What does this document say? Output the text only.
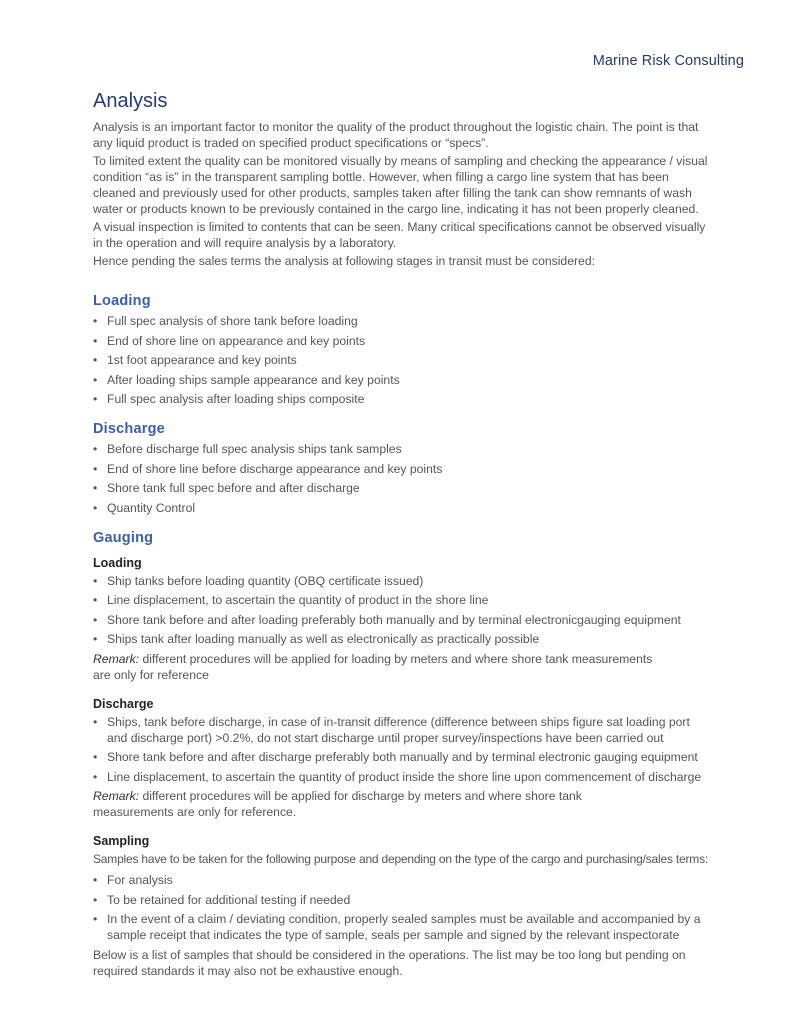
Marine Risk Consulting
Analysis

Analysis is an important factor to monitor the quality of the product throughout the logistic chain. The point is that any liquid product is traded on specified product specifications or “specs”.

To limited extent the quality can be monitored visually by means of sampling and checking the appearance / visual condition “as is” in the transparent sampling bottle. However, when filling a cargo line system that has been cleaned and previously used for other products, samples taken after filling the tank can show remnants of wash water or products known to be previously contained in the cargo line, indicating it has not been properly cleaned.

A visual inspection is limited to contents that can be seen. Many critical specifications cannot be observed visually in the operation and will require analysis by a laboratory.

Hence pending the sales terms the analysis at following stages in transit must be considered:

Loading
• Full spec analysis of shore tank before loading
• End of shore line on appearance and key points
• 1st foot appearance and key points
• After loading ships sample appearance and key points
• Full spec analysis after loading ships composite
Discharge
• Before discharge full spec analysis ships tank samples
• End of shore line before discharge appearance and key points
• Shore tank full spec before and after discharge
• Quantity Control
Gauging
Loading
• Ship tanks before loading quantity (OBQ certificate issued)
• Line displacement, to ascertain the quantity of product in the shore line
• Shore tank before and after loading preferably both manually and by terminal electronicgauging equipment
• Ships tank after loading manually as well as electronically as practically possible

Remark: different procedures will be applied for loading by meters and where shore tank measurements are only for reference

Discharge
• Ships, tank before discharge, in case of in-transit difference (difference between ships figure sat loading port and discharge port) >0.2%, do not start discharge until proper survey/inspections have been carried out
• Shore tank before and after discharge preferably both manually and by terminal electronic gauging equipment
• Line displacement, to ascertain the quantity of product inside the shore line upon commencement of discharge

Remark: different procedures will be applied for discharge by meters and where shore tank measurements are only for reference.

Sampling

Samples have to be taken for the following purpose and depending on the type of the cargo and purchasing/sales terms:

• For analysis
• To be retained for additional testing if needed
• In the event of a claim / deviating condition, properly sealed samples must be available and accompanied by a sample receipt that indicates the type of sample, seals per sample and signed by the relevant inspectorate

Below is a list of samples that should be considered in the operations. The list may be too long but pending on required standards it may also not be exhaustive enough.
